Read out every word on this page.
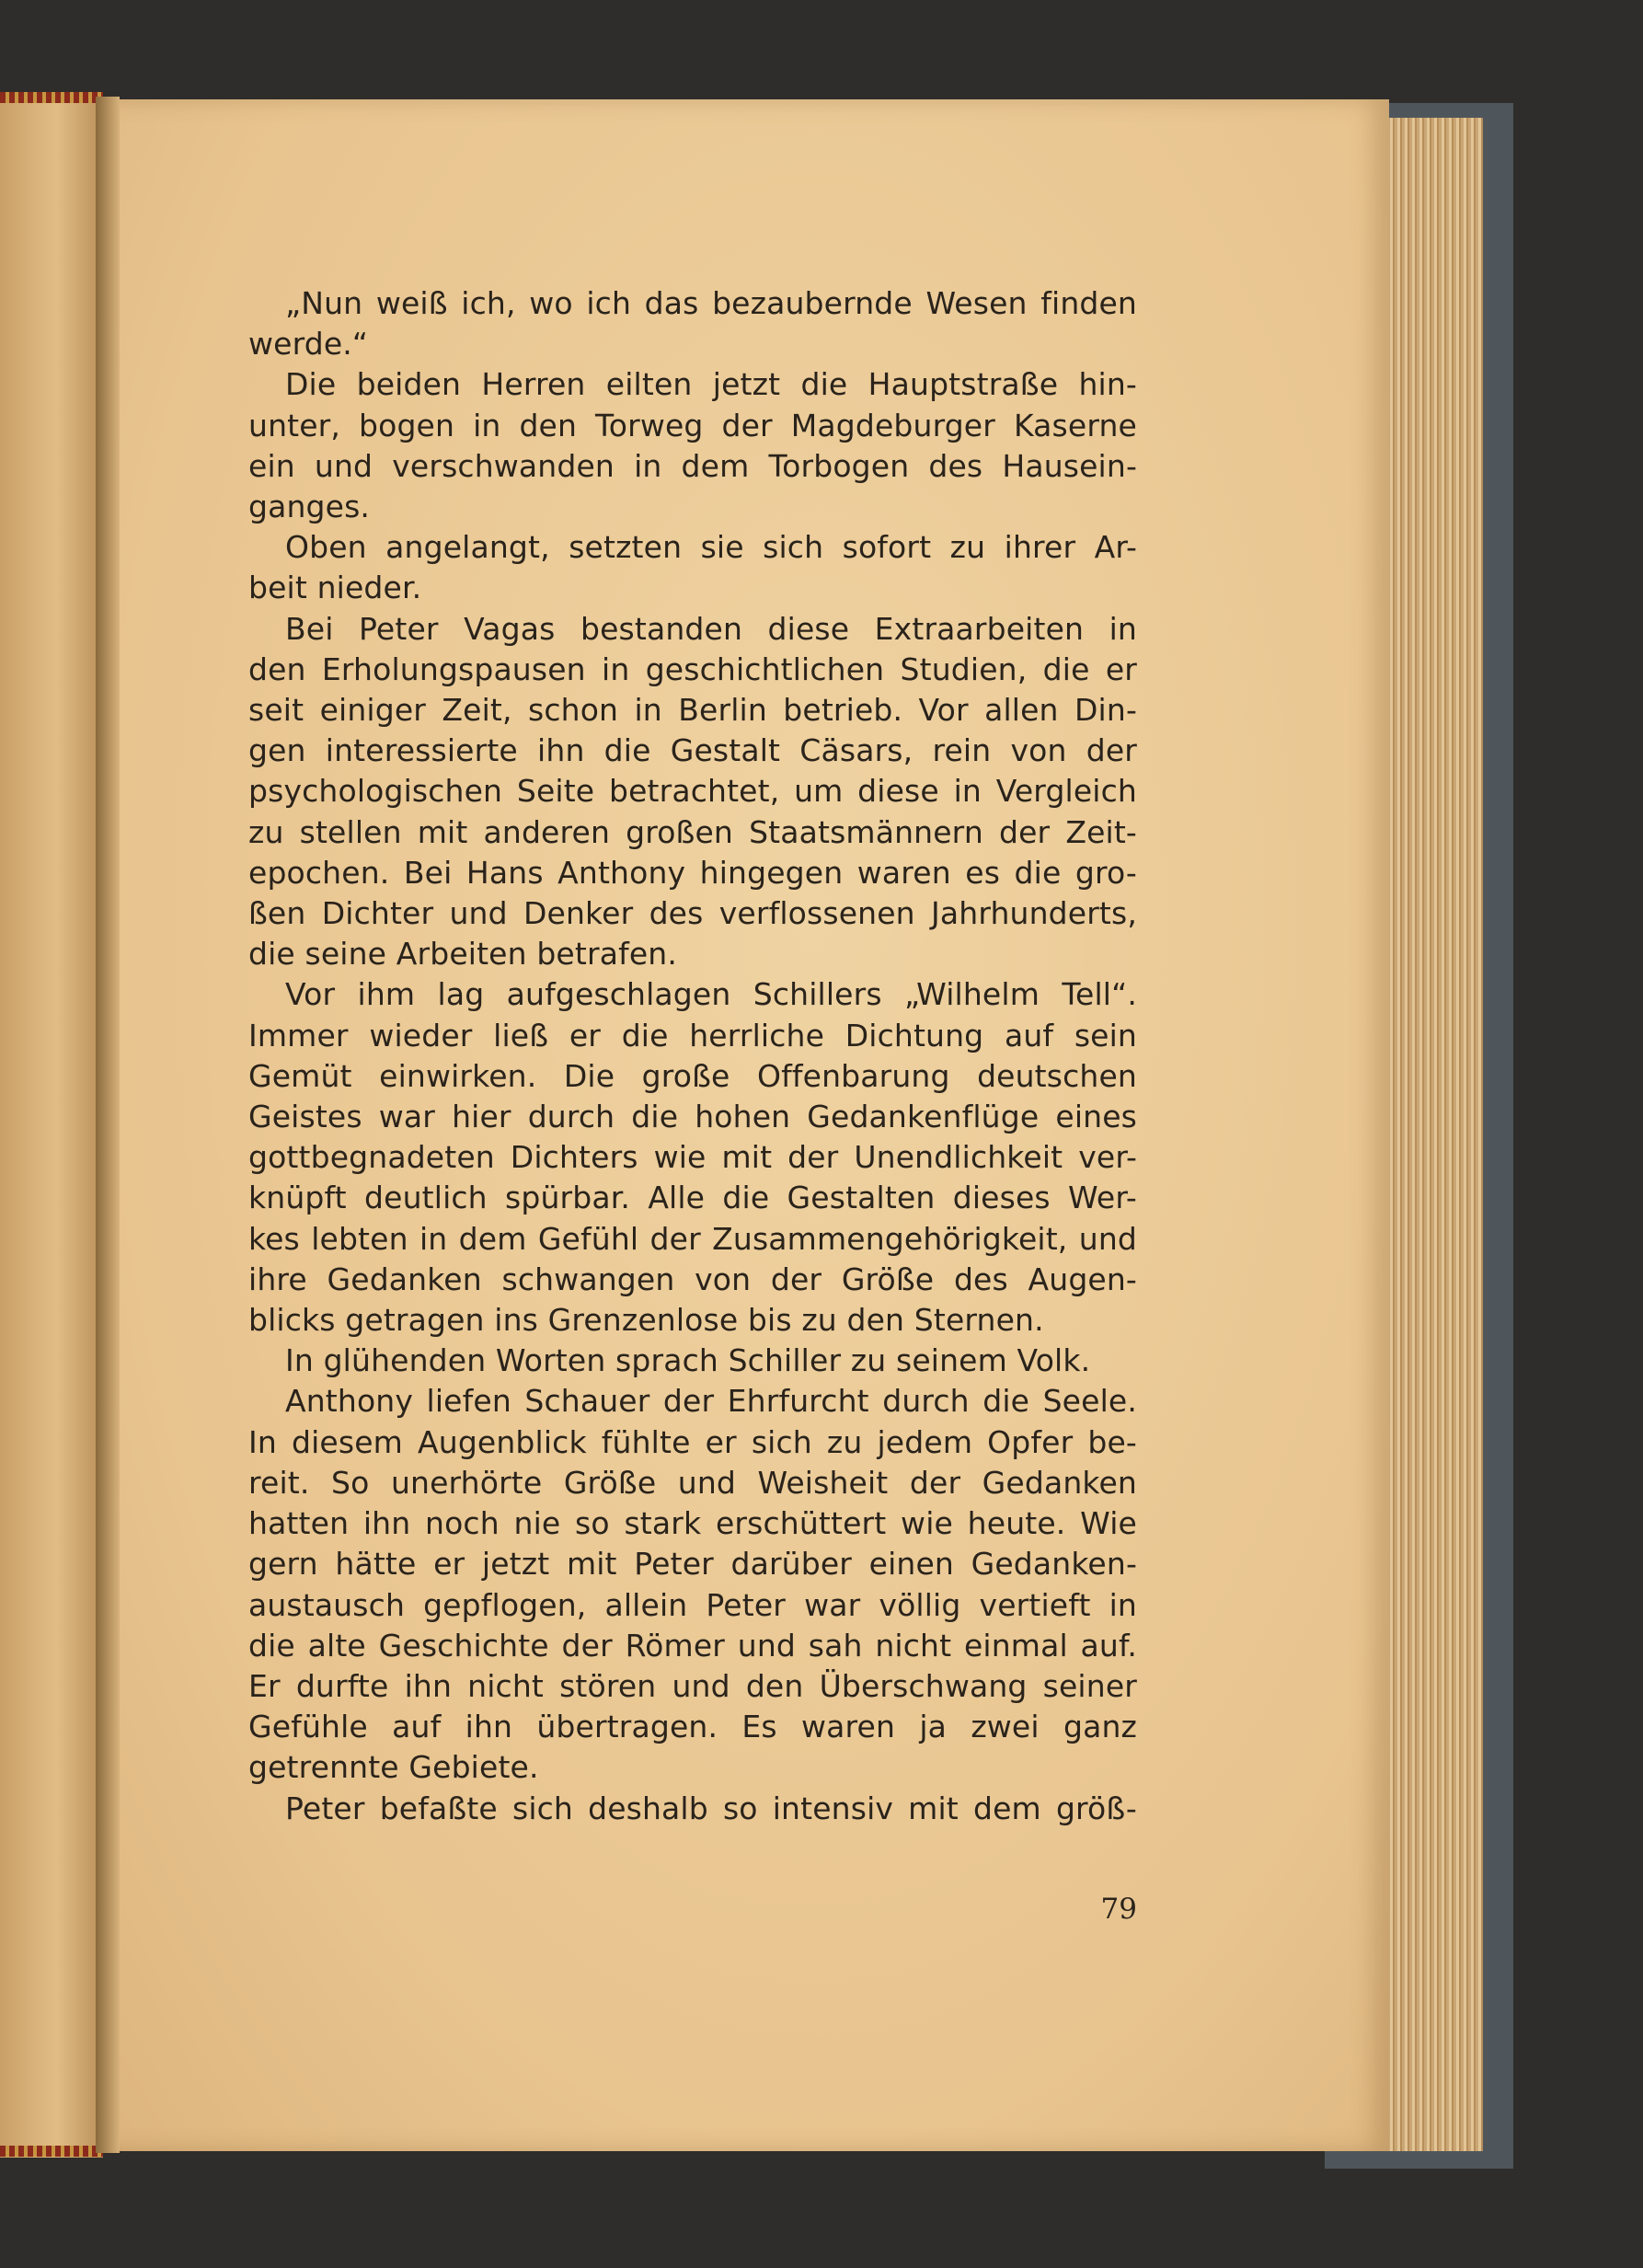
„Nun weiß ich, wo ich das bezaubernde Wesen finden
werde.“
Die beiden Herren eilten jetzt die Hauptstraße hin-
unter, bogen in den Torweg der Magdeburger Kaserne
ein und verschwanden in dem Torbogen des Hausein-
ganges.
Oben angelangt, setzten sie sich sofort zu ihrer Ar-
beit nieder.
Bei Peter Vagas bestanden diese Extraarbeiten in
den Erholungspausen in geschichtlichen Studien, die er
seit einiger Zeit, schon in Berlin betrieb. Vor allen Din-
gen interessierte ihn die Gestalt Cäsars, rein von der
psychologischen Seite betrachtet, um diese in Vergleich
zu stellen mit anderen großen Staatsmännern der Zeit-
epochen. Bei Hans Anthony hingegen waren es die gro-
ßen Dichter und Denker des verflossenen Jahrhunderts,
die seine Arbeiten betrafen.
Vor ihm lag aufgeschlagen Schillers „Wilhelm Tell“.
Immer wieder ließ er die herrliche Dichtung auf sein
Gemüt einwirken. Die große Offenbarung deutschen
Geistes war hier durch die hohen Gedankenflüge eines
gottbegnadeten Dichters wie mit der Unendlichkeit ver-
knüpft deutlich spürbar. Alle die Gestalten dieses Wer-
kes lebten in dem Gefühl der Zusammengehörigkeit, und
ihre Gedanken schwangen von der Größe des Augen-
blicks getragen ins Grenzenlose bis zu den Sternen.
In glühenden Worten sprach Schiller zu seinem Volk.
Anthony liefen Schauer der Ehrfurcht durch die Seele.
In diesem Augenblick fühlte er sich zu jedem Opfer be-
reit. So unerhörte Größe und Weisheit der Gedanken
hatten ihn noch nie so stark erschüttert wie heute. Wie
gern hätte er jetzt mit Peter darüber einen Gedanken-
austausch gepflogen, allein Peter war völlig vertieft in
die alte Geschichte der Römer und sah nicht einmal auf.
Er durfte ihn nicht stören und den Überschwang seiner
Gefühle auf ihn übertragen. Es waren ja zwei ganz
getrennte Gebiete.
Peter befaßte sich deshalb so intensiv mit dem größ-
79
